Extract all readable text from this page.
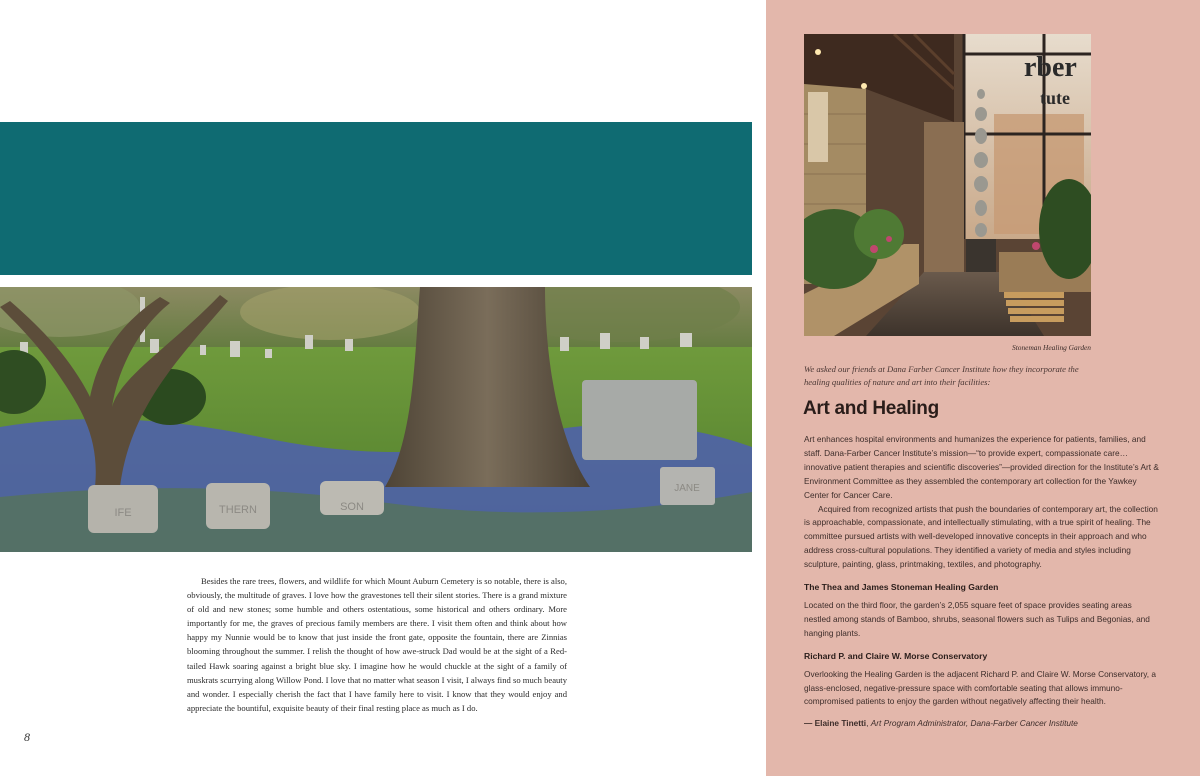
IFE	THERN	SON
JANE

Besides the rare trees, flowers, and wildlife for which Mount Auburn Cemetery is so notable, there is also, obviously, the multitude of graves. I love how the gravestones tell their silent stories. There is a grand mixture of old and new stones; some humble and others ostentatious, some historical and others ordinary. More importantly for me, the graves of precious family members are there. I visit them often and think about how happy my Nunnie would be to know that just inside the front gate, opposite the fountain, there are Zinnias blooming throughout the summer. I relish the thought of how awe-struck Dad would be at the sight of a Red-tailed Hawk soaring against a bright blue sky. I imagine how he would chuckle at the sight of a family of muskrats scurrying along Willow Pond. I love that no matter what season I visit, I always find so much beauty and wonder. I especially cherish the fact that I have family here to visit. I know that they would enjoy and appreciate the bountiful, exquisite beauty of their final resting place as much as I do.

8
rber
tute
Stoneman Healing Garden
We asked our friends at Dana Farber Cancer Institute how they incorporate the healing qualities of nature and art into their facilities:
Art and Healing

Art enhances hospital environments and humanizes the experience for patients, families, and staff. Dana-Farber Cancer Institute’s mission—“to provide expert, compassionate care… innovative patient therapies and scientific discoveries”—provided direction for the Institute’s Art & Environment Committee as they assembled the contemporary art collection for the Yawkey Center for Cancer Care.

Acquired from recognized artists that push the boundaries of contemporary art, the collection is approachable, compassionate, and intellectually stimulating, with a true spirit of healing. The committee pursued artists with well-developed innovative concepts in their approach and who address cross-cultural populations. They identified a variety of media and styles including sculpture, painting, glass, printmaking, textiles, and photography.

The Thea and James Stoneman Healing Garden

Located on the third floor, the garden’s 2,055 square feet of space provides seating areas nestled among stands of Bamboo, shrubs, seasonal flowers such as Tulips and Begonias, and hanging plants.

Richard P. and Claire W. Morse Conservatory

Overlooking the Healing Garden is the adjacent Richard P. and Claire W. Morse Conservatory, a glass-enclosed, negative-pressure space with comfortable seating that allows immuno-compromised patients to enjoy the garden without negatively affecting their health.

— Elaine Tinetti, Art Program Administrator, Dana-Farber Cancer Institute
